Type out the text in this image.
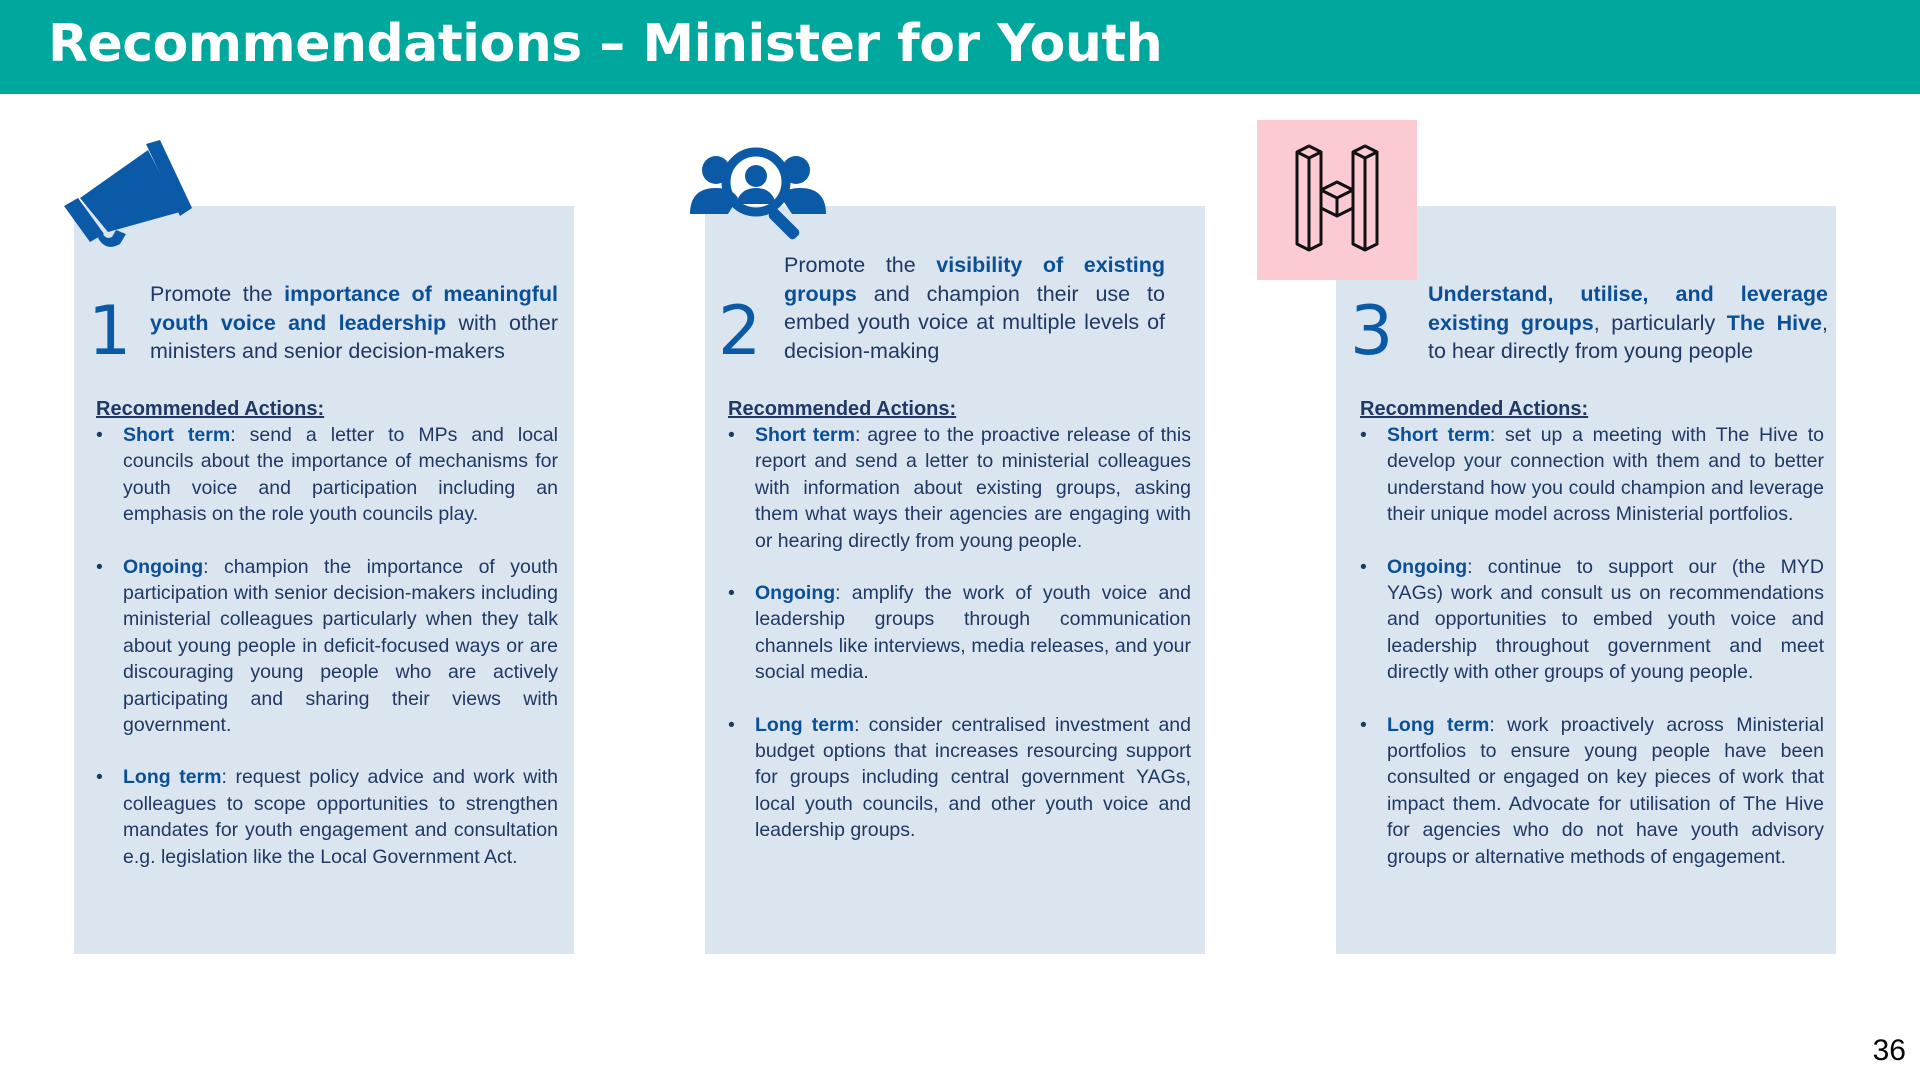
Recommendations – Minister for Youth
1 Promote the importance of meaningful youth voice and leadership with other ministers and senior decision-makers
Recommended Actions:
• Short term: send a letter to MPs and local councils about the importance of mechanisms for youth voice and participation including an emphasis on the role youth councils play.
• Ongoing: champion the importance of youth participation with senior decision-makers including ministerial colleagues particularly when they talk about young people in deficit-focused ways or are discouraging young people who are actively participating and sharing their views with government.
• Long term: request policy advice and work with colleagues to scope opportunities to strengthen mandates for youth engagement and consultation e.g. legislation like the Local Government Act.
2
Promote the visibility of existing groups and champion their use to embed youth voice at multiple levels of decision-making
Recommended Actions:
• Short term: agree to the proactive release of this report and send a letter to ministerial colleagues with information about existing groups, asking them what ways their agencies are engaging with or hearing directly from young people.
• Ongoing: amplify the work of youth voice and leadership groups through communication channels like interviews, media releases, and your social media.
• Long term: consider centralised investment and budget options that increases resourcing support for groups including central government YAGs, local youth councils, and other youth voice and leadership groups.
3 Understand, utilise, and leverage existing groups, particularly The Hive, to hear directly from young people
Recommended Actions:
• Short term: set up a meeting with The Hive to develop your connection with them and to better understand how you could champion and leverage their unique model across Ministerial portfolios.
• Ongoing: continue to support our (the MYD YAGs) work and consult us on recommendations and opportunities to embed youth voice and leadership throughout government and meet directly with other groups of young people.
• Long term: work proactively across Ministerial portfolios to ensure young people have been consulted or engaged on key pieces of work that impact them. Advocate for utilisation of The Hive for agencies who do not have youth advisory groups or alternative methods of engagement.
36
